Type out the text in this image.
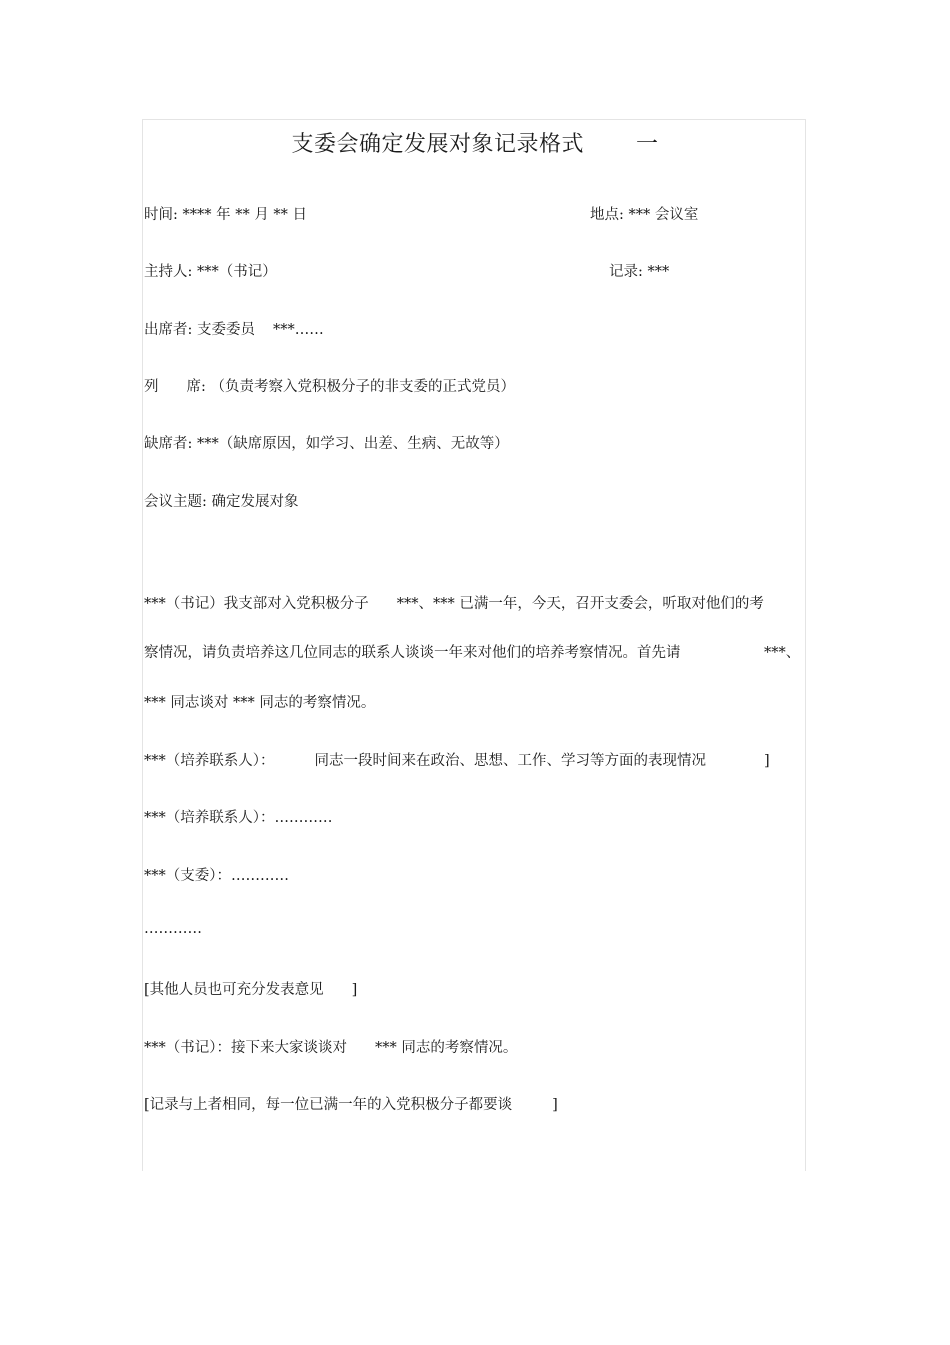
支委会确定发展对象记录格式 一
时间: **** 年 ** 月 ** 日	地点: *** 会议室
主持人: ***（书记）	记录: ***
出席者: 支委委员 ***……
列 席: （负责考察入党积极分子的非支委的正式党员）
缺席者: ***（缺席原因，如学习、出差、生病、无故等）
会议主题: 确定发展对象
***（书记）我支部对入党积极分子 ***、*** 已满一年，今天，召开支委会，听取对他们的考
察情况，请负责培养这几位同志的联系人谈谈一年来对他们的培养考察情况。首先请	***、
*** 同志谈对 *** 同志的考察情况。
***（培养联系人）：	同志一段时间来在政治、思想、工作、学习等方面的表现情况	]
***（培养联系人）：…………
***（支委）：…………
…………
[其他人员也可充分发表意见 ]
***（书记）：接下来大家谈谈对 *** 同志的考察情况。
[记录与上者相同，每一位已满一年的入党积极分子都要谈	]
